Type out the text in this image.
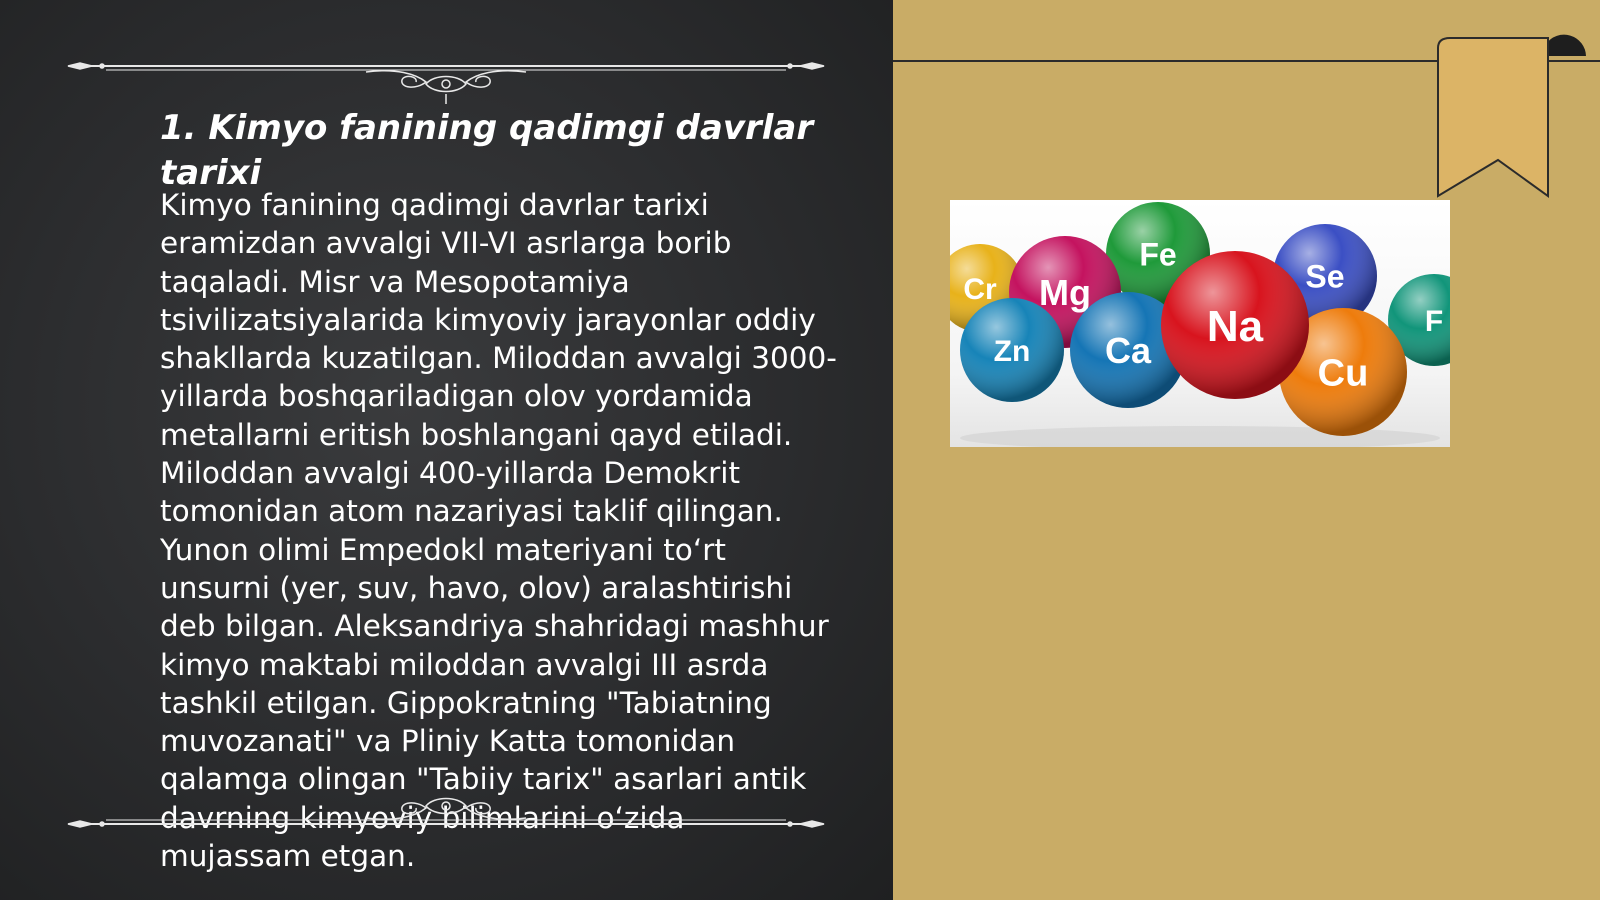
1. Kimyo fanining qadimgi davrlar tarixi

Kimyo fanining qadimgi davrlar tarixi eramizdan avvalgi VII-VI asrlarga borib taqaladi. Misr va Mesopotamiya tsivilizatsiyalarida kimyoviy jarayonlar oddiy shakllarda kuzatilgan. Miloddan avvalgi 3000-yillarda boshqariladigan olov yordamida metallarni eritish boshlangani qayd etiladi. Miloddan avvalgi 400-yillarda Demokrit tomonidan atom nazariyasi taklif qilingan. Yunon olimi Empedokl materiyani to‘rt unsurni (yer, suv, havo, olov) aralashtirishi deb bilgan. Aleksandriya shahridagi mashhur kimyo maktabi miloddan avvalgi III asrda tashkil etilgan. Gippokratning "Tabiatning muvozanati" va Pliniy Katta tomonidan qalamga olingan "Tabiiy tarix" asarlari antik davrning kimyoviy bilimlarini o‘zida mujassam etgan.

Cr	Se
F
Fe
Mg
Zn Ca
Cu
Na
